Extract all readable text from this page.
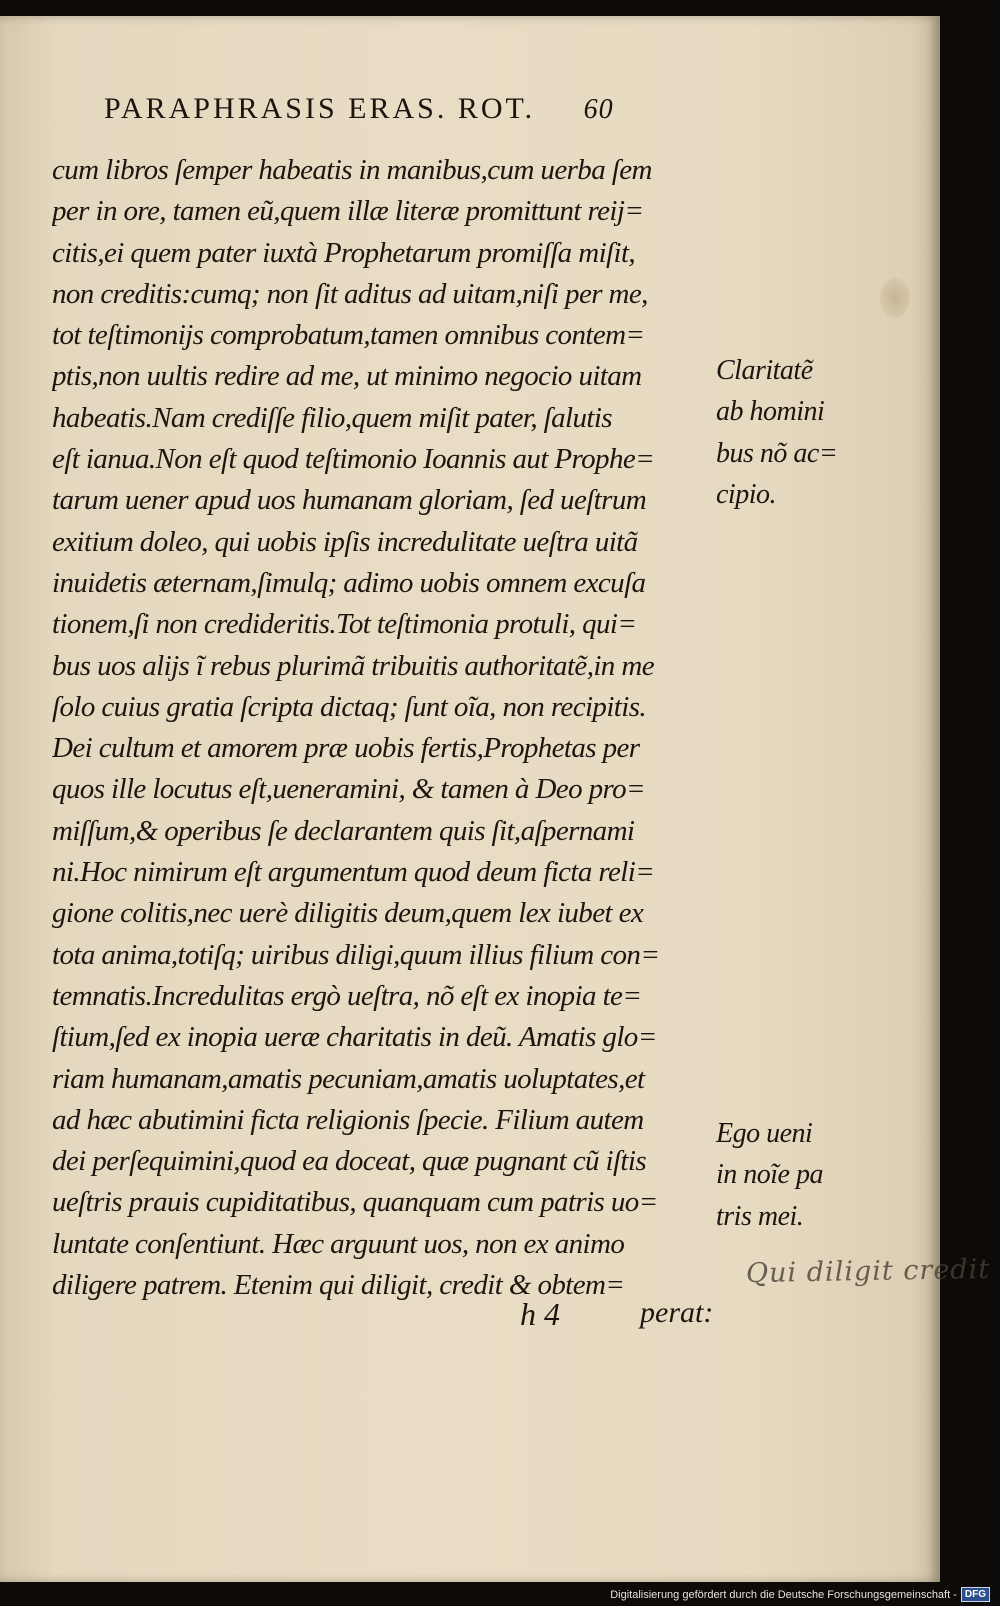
PARAPHRASIS ERAS. ROT. 60
cum libros ſemper habeatis in manibus,cum uerba ſem
per in ore, tamen eũ,quem illæ literæ promittunt reij=
citis,ei quem pater iuxtà Prophetarum promiſſa miſit,
non creditis:cumq; non ſit aditus ad uitam,niſi per me,
tot teſtimonijs comprobatum,tamen omnibus contem=
ptis,non uultis redire ad me, ut minimo negocio uitam
habeatis.Nam crediſſe filio,quem miſit pater, ſalutis
eſt ianua.Non eſt quod teſtimonio Ioannis aut Prophe=
tarum uener apud uos humanam gloriam, ſed ueſtrum
exitium doleo, qui uobis ipſis incredulitate ueſtra uitã
inuidetis æternam,ſimulq; adimo uobis omnem excuſa
tionem,ſi non credideritis.Tot teſtimonia protuli, qui=
bus uos alijs ĩ rebus plurimã tribuitis authoritatẽ,in me
ſolo cuius gratia ſcripta dictaq; ſunt oĩa, non recipitis.
Dei cultum et amorem præ uobis fertis,Prophetas per
quos ille locutus eſt,ueneramini, & tamen à Deo pro=
miſſum,& operibus ſe declarantem quis ſit,aſpernami
ni.Hoc nimirum eſt argumentum quod deum ficta reli=
gione colitis,nec uerè diligitis deum,quem lex iubet ex
tota anima,totiſq; uiribus diligi,quum illius filium con=
temnatis.Incredulitas ergò ueſtra, nõ eſt ex inopia te=
ſtium,ſed ex inopia ueræ charitatis in deũ. Amatis glo=
riam humanam,amatis pecuniam,amatis uoluptates,et
ad hæc abutimini ficta religionis ſpecie. Filium autem
dei perſequimini,quod ea doceat, quæ pugnant cũ iſtis
ueſtris prauis cupiditatibus, quanquam cum patris uo=
luntate conſentiunt. Hæc arguunt uos, non ex animo
diligere patrem. Etenim qui diligit, credit & obtem=
Claritatẽ
ab homini
bus nõ ac=
cipio.
Ego ueni
in noĩe pa
tris mei.
Qui diligit credit
h 4	perat:
Digitalisierung gefördert durch die Deutsche Forschungsgemeinschaft - DFG
